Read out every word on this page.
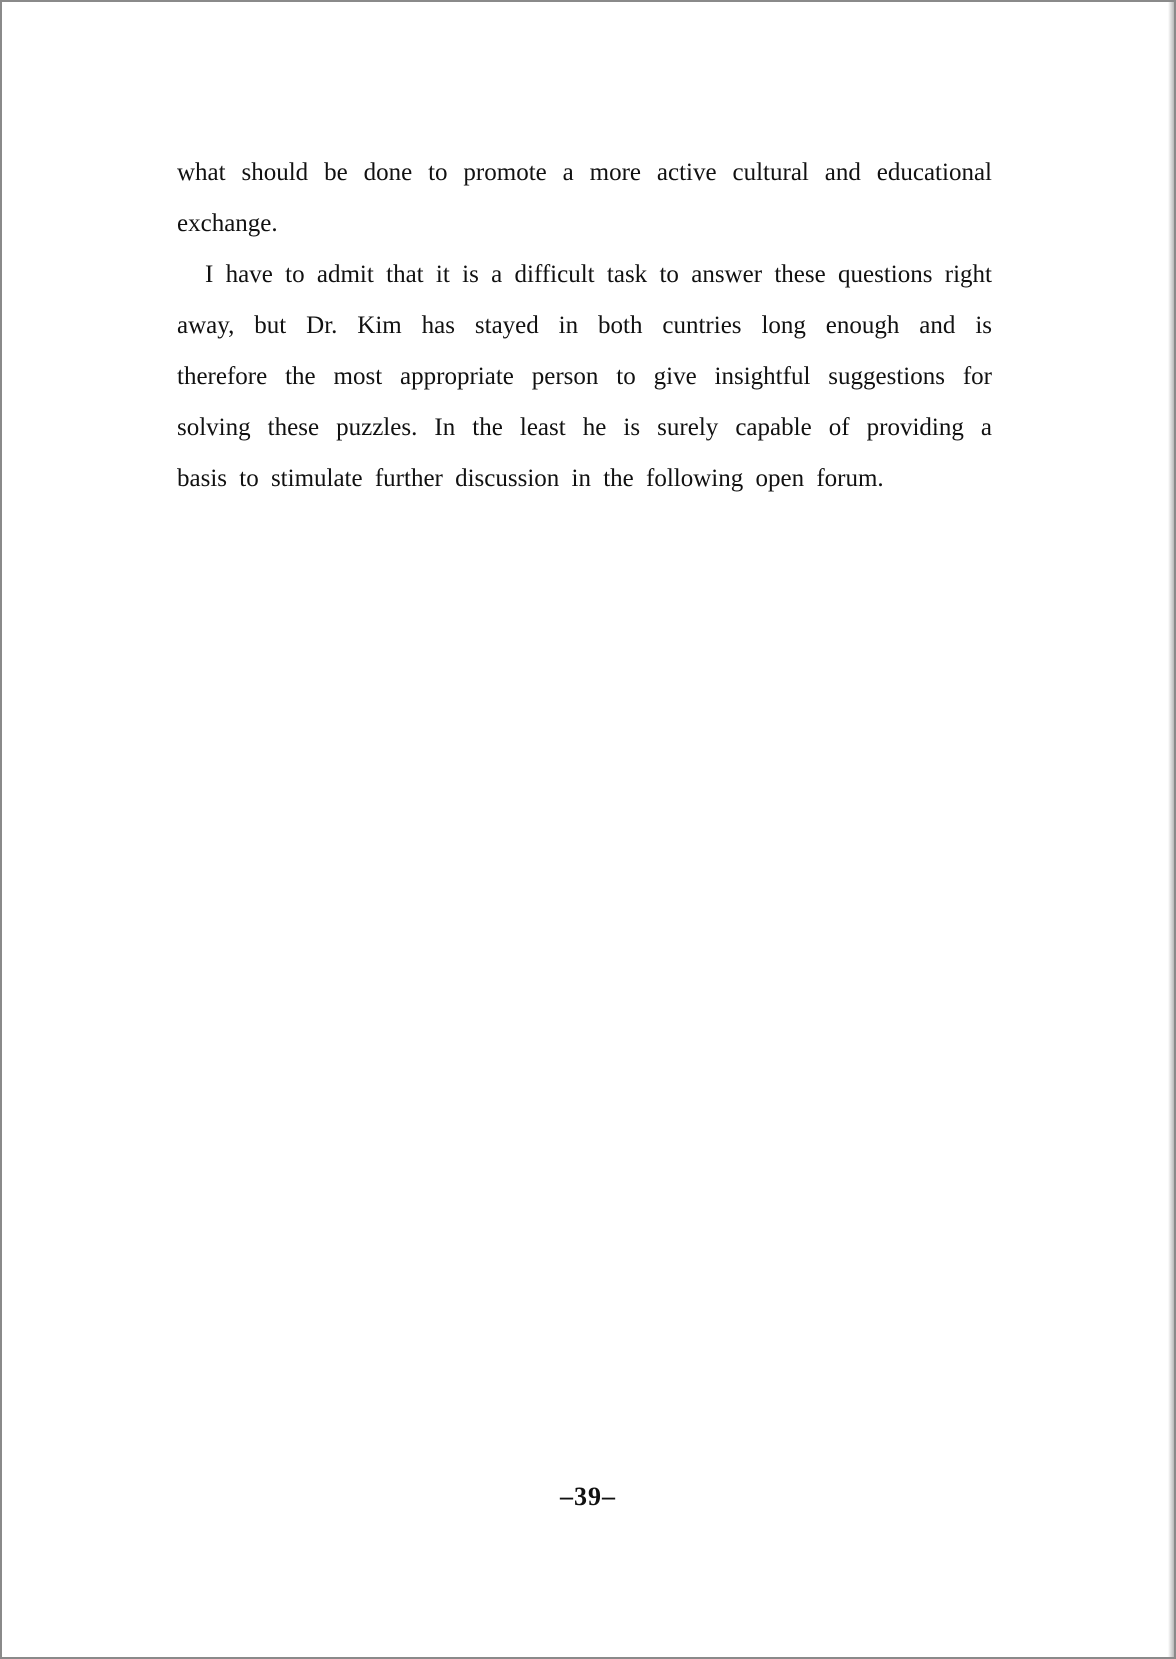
what should be done to promote a more active cultural and educational exchange.

I have to admit that it is a difficult task to answer these questions right away, but Dr. Kim has stayed in both cuntries long enough and is therefore the most appropriate person to give insightful suggestions for solving these puzzles. In the least he is surely capable of providing a basis to stimulate further discussion in the following open forum.

–39–
